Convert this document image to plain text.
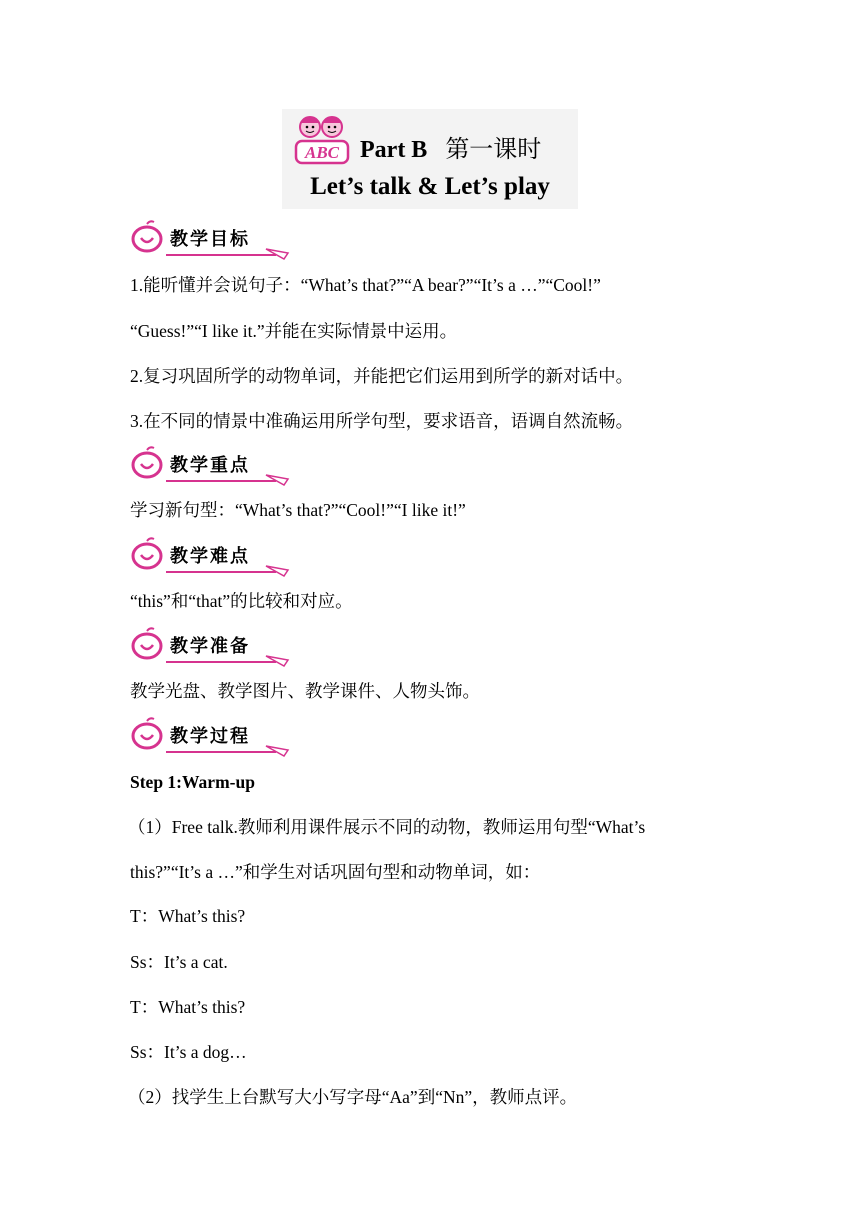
ABC Part B 第一课时
Let’s talk & Let’s play
教学目标
1.能听懂并会说句子：“What’s that?”“A bear?”“It’s a …”“Cool!”
“Guess!”“I like it.”并能在实际情景中运用。
2.复习巩固所学的动物单词，并能把它们运用到所学的新对话中。
3.在不同的情景中准确运用所学句型，要求语音，语调自然流畅。
教学重点
学习新句型：“What’s that?”“Cool!”“I like it!”
教学难点
“this”和“that”的比较和对应。
教学准备
教学光盘、教学图片、教学课件、人物头饰。
教学过程
Step 1:Warm-up
（1）Free talk.教师利用课件展示不同的动物，教师运用句型“What’s
this?”“It’s a …”和学生对话巩固句型和动物单词，如：
T：What’s this?
Ss：It’s a cat.
T：What’s this?
Ss：It’s a dog…
（2）找学生上台默写大小写字母“Aa”到“Nn”，教师点评。
